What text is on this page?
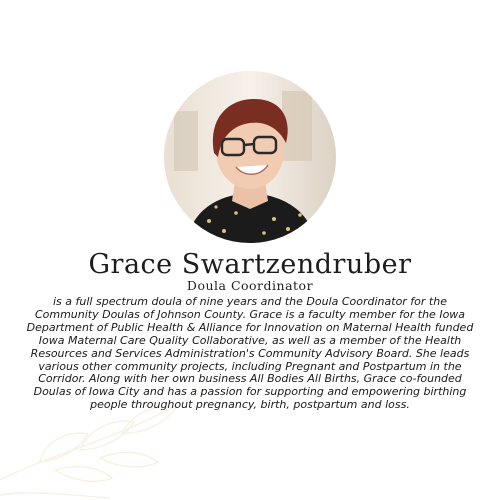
Grace Swartzendruber
Doula Coordinator

is a full spectrum doula of nine years and the Doula Coordinator for the Community Doulas of Johnson County. Grace is a faculty member for the Iowa Department of Public Health & Alliance for Innovation on Maternal Health funded Iowa Maternal Care Quality Collaborative, as well as a member of the Health Resources and Services Administration's Community Advisory Board. She leads various other community projects, including Pregnant and Postpartum in the Corridor. Along with her own business All Bodies All Births, Grace co-founded Doulas of Iowa City and has a passion for supporting and empowering birthing people throughout pregnancy, birth, postpartum and loss.
